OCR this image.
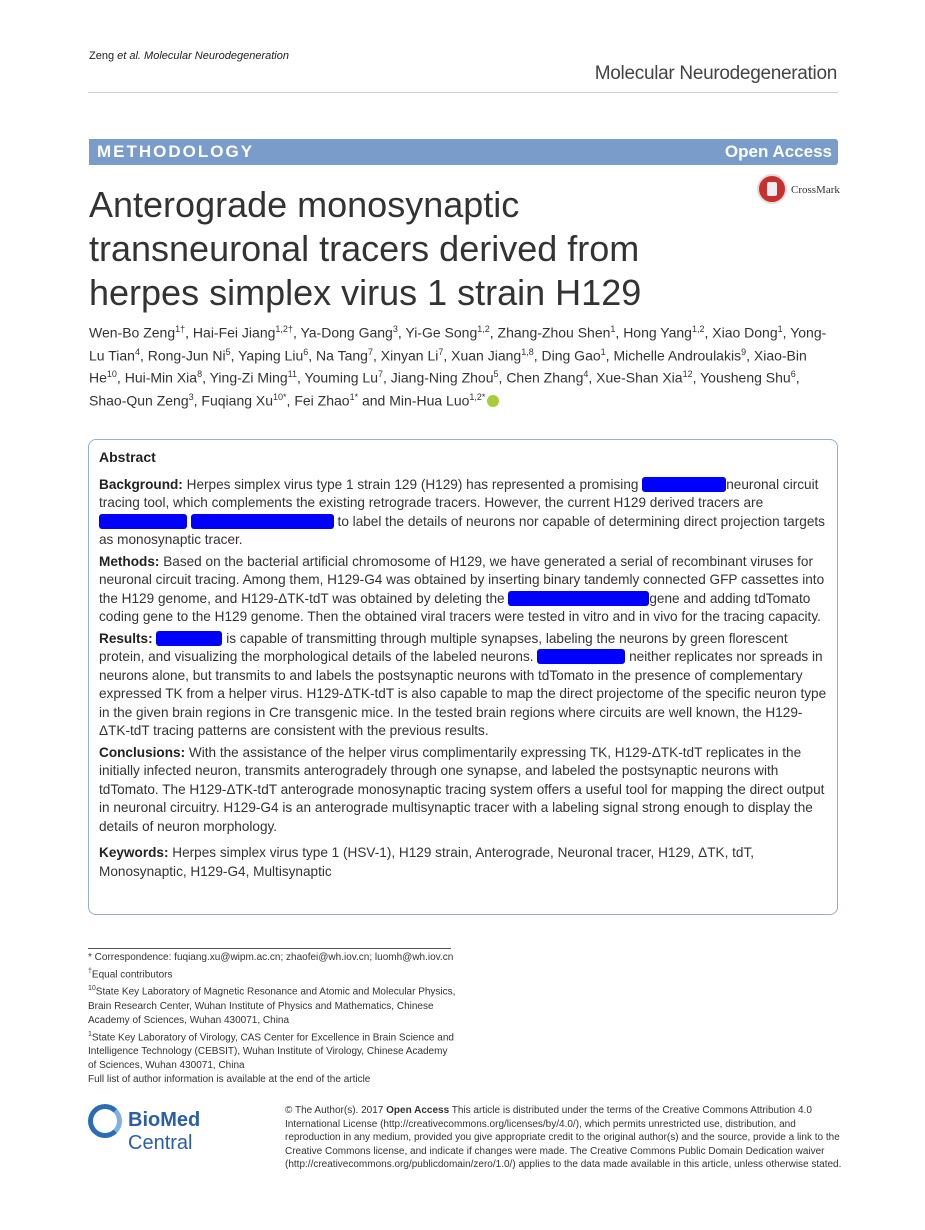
Zeng et al. Molecular Neurodegeneration
Molecular Neurodegeneration
METHODOLOGY	Open Access
Anterograde monosynaptic transneuronal tracers derived from herpes simplex virus 1 strain H129
CrossMark
Wen-Bo Zeng$^{1\dagger}$, Hai-Fei Jiang$^{1,2\dagger}$, Ya-Dong Gang$^3$, Yi-Ge Song$^{1,2}$, Zhang-Zhou Shen$^1$, Hong Yang$^{1,2}$, Xiao Dong$^1$, Yong-Lu Tian$^4$, Rong-Jun Ni$^5$, Yaping Liu$^6$, Na Tang$^7$, Xinyan Li$^7$, Xuan Jiang$^{1,8}$, Ding Gao$^1$, Michelle Androulakis$^9$, Xiao-Bin He$^{10}$, Hui-Min Xia$^8$, Ying-Zi Ming$^{11}$, Youming Lu$^7$, Jiang-Ning Zhou$^5$, Chen Zhang$^4$, Xue-Shan Xia$^{12}$, Yousheng Shu$^6$, Shao-Qun Zeng$^3$, Fuqiang $Xu^{10*}$, Fei Zhao$^{1*}$ and Min-Hua Luo$^{1,2*}$
Abstract

Background: Herpes simplex virus type 1 strain 129 (H129) has represented a promising	neuronal circuit tracing tool, which complements the existing retrograde tracers. However, the current H129 derived tracers are   to label the details of neurons nor capable of determining direct projection targets as monosynaptic tracer.

Methods: Based on the bacterial artificial chromosome of H129, we have generated a serial of recombinant viruses for neuronal circuit tracing. Among them, H129-G4 was obtained by inserting binary tandemly connected GFP cassettes into the H129 genome, and H129-ΔTK-tdT was obtained by deleting the	gene and adding tdTomato coding gene to the H129 genome. Then the obtained viral tracers were tested in vitro and in vivo for the tracing capacity.

Results:	is capable of transmitting through multiple synapses, labeling the neurons by green florescent protein, and visualizing the morphological details of the labeled neurons.	neither replicates nor spreads in neurons alone, but transmits to and labels the postsynaptic neurons with tdTomato in the presence of complementary expressed TK from a helper virus. H129-ΔTK-tdT is also capable to map the direct projectome of the specific neuron type in the given brain regions in Cre transgenic mice. In the tested brain regions where circuits are well known, the H129-ΔTK-tdT tracing patterns are consistent with the previous results.

Conclusions: With the assistance of the helper virus complimentarily expressing TK, H129-ΔTK-tdT replicates in the initially infected neuron, transmits anterogradely through one synapse, and labeled the postsynaptic neurons with tdTomato. The H129-ΔTK-tdT anterograde monosynaptic tracing system offers a useful tool for mapping the direct output in neuronal circuitry. H129-G4 is an anterograde multisynaptic tracer with a labeling signal strong enough to display the details of neuron morphology.

Keywords: Herpes simplex virus type 1 (HSV-1), H129 strain, Anterograde, Neuronal tracer, H129, ΔTK, tdT, Monosynaptic, H129-G4, Multisynaptic

* Correspondence: fuqiang.xu@wipm.ac.cn; zhaofei@wh.iov.cn; luomh@wh.iov.cn
†Equal contributors
$^{10}$State Key Laboratory of Magnetic Resonance and Atomic and Molecular Physics, Brain Research Center, Wuhan Institute of Physics and Mathematics, Chinese Academy of Sciences, Wuhan 430071, China
$^1$State Key Laboratory of Virology, CAS Center for Excellence in Brain Science and Intelligence Technology (CEBSIT), Wuhan Institute of Virology, Chinese Academy of Sciences, Wuhan 430071, China
Full list of author information is available at the end of the article
BioMed Central
© The Author(s). 2017 Open Access This article is distributed under the terms of the Creative Commons Attribution 4.0 International License (http://creativecommons.org/licenses/by/4.0/), which permits unrestricted use, distribution, and reproduction in any medium, provided you give appropriate credit to the original author(s) and the source, provide a link to the Creative Commons license, and indicate if changes were made. The Creative Commons Public Domain Dedication waiver (http://creativecommons.org/publicdomain/zero/1.0/) applies to the data made available in this article, unless otherwise stated.
